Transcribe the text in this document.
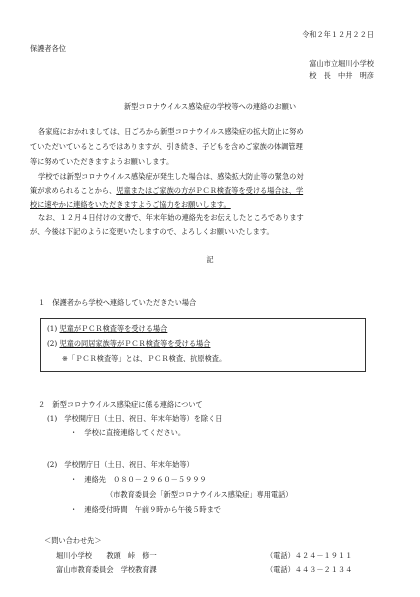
令和２年１２月２２日
保護者各位
富山市立堀川小学校
校　長　中井　明彦
新型コロナウイルス感染症の学校等への連絡のお願い
各家庭におかれましては、日ごろから新型コロナウイルス感染症の拡大防止に努め
ていただいているところではありますが、引き続き、子どもを含めご家族の体調管理
等に努めていただきますようお願いします。
学校では新型コロナウイルス感染症が発生した場合は、感染拡大防止等の緊急の対
策が求められることから、児童またはご家族の方がＰＣＲ検査等を受ける場合は、学
校に速やかに連絡をいただきますようご協力をお願いします。
なお、１２月４日付けの文書で、年末年始の連絡先をお伝えしたところであります
が、今後は下記のように変更いたしますので、よろしくお願いいたします。
記
１　保護者から学校へ連絡していただきたい場合
(1) 児童がＰＣＲ検査等を受ける場合
(2) 児童の同居家族等がＰＣＲ検査等を受ける場合
※「ＰＣＲ検査等」とは、ＰＣＲ検査、抗原検査。
２　新型コロナウイルス感染症に係る連絡について
(1)　学校開庁日（土日、祝日、年末年始等）を除く日
・　学校に直接連絡してください。
(2)　学校閉庁日（土日、祝日、年末年始等）
・　連絡先　０８０－２９６０－５９９９
（市教育委員会「新型コロナウイルス感染症」専用電話）
・　連絡受付時間　午前９時から午後５時まで
＜問い合わせ先＞
堀川小学校　　教頭　峠　修一	（電話）４２４－１９１１
富山市教育委員会　学校教育課	（電話）４４３－２１３４
